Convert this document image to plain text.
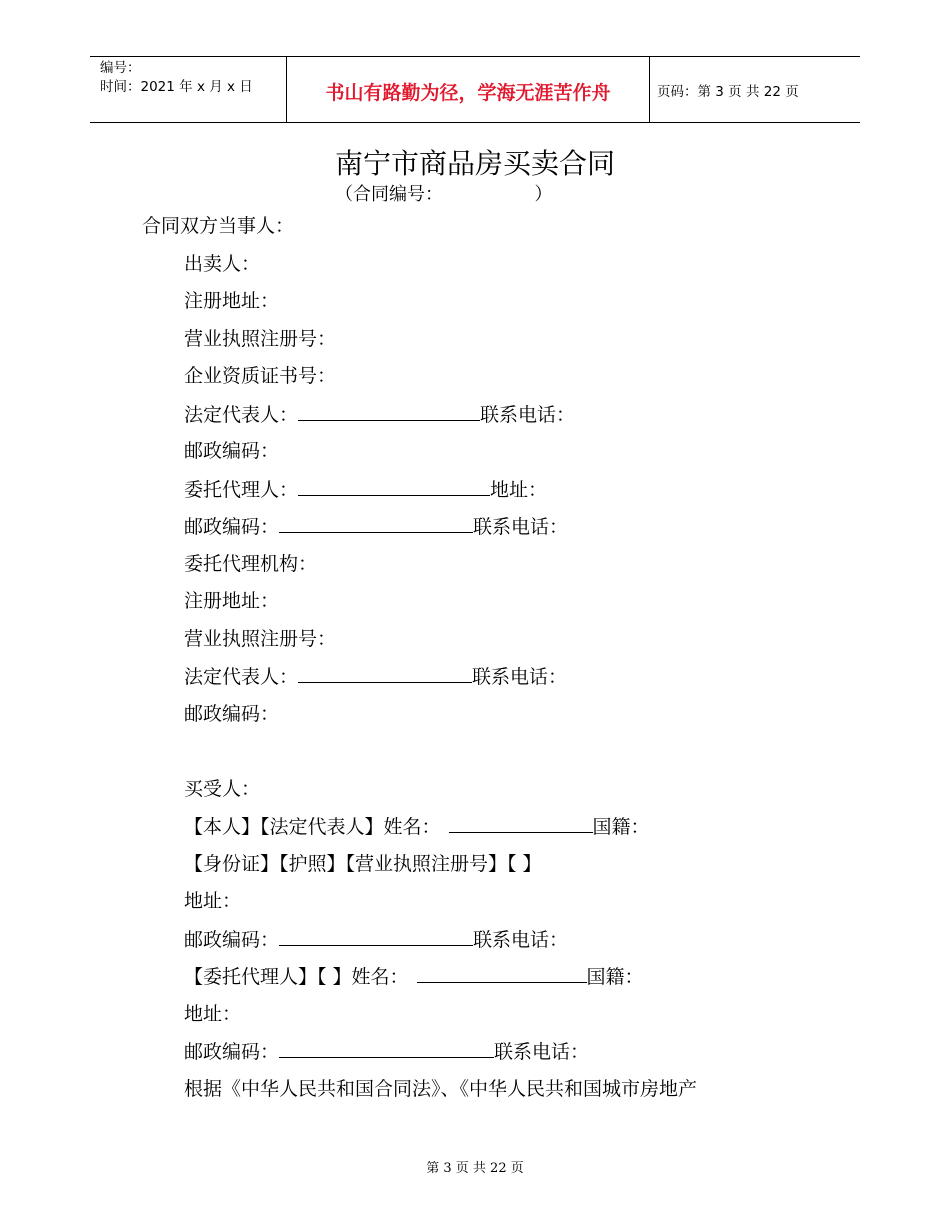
编号：
时间：2021 年 x 月 x 日	书山有路勤为径，学海无涯苦作舟	页码：第 3 页 共 22 页
南宁市商品房买卖合同
（合同编号：                ）
合同双方当事人：
出卖人：
注册地址：
营业执照注册号：
企业资质证书号：
法定代表人：	联系电话：
邮政编码：
委托代理人：	地址：
邮政编码：	联系电话：
委托代理机构：
注册地址：
营业执照注册号：
法定代表人：	联系电话：
邮政编码：
买受人：
【本人】【法定代表人】姓名：	国籍：
【身份证】【护照】【营业执照注册号】【 】
地址：
邮政编码：	联系电话：
【委托代理人】【 】姓名：	国籍：
地址：
邮政编码：	联系电话：
根据《中华人民共和国合同法》、《中华人民共和国城市房地产
第 3 页 共 22 页
